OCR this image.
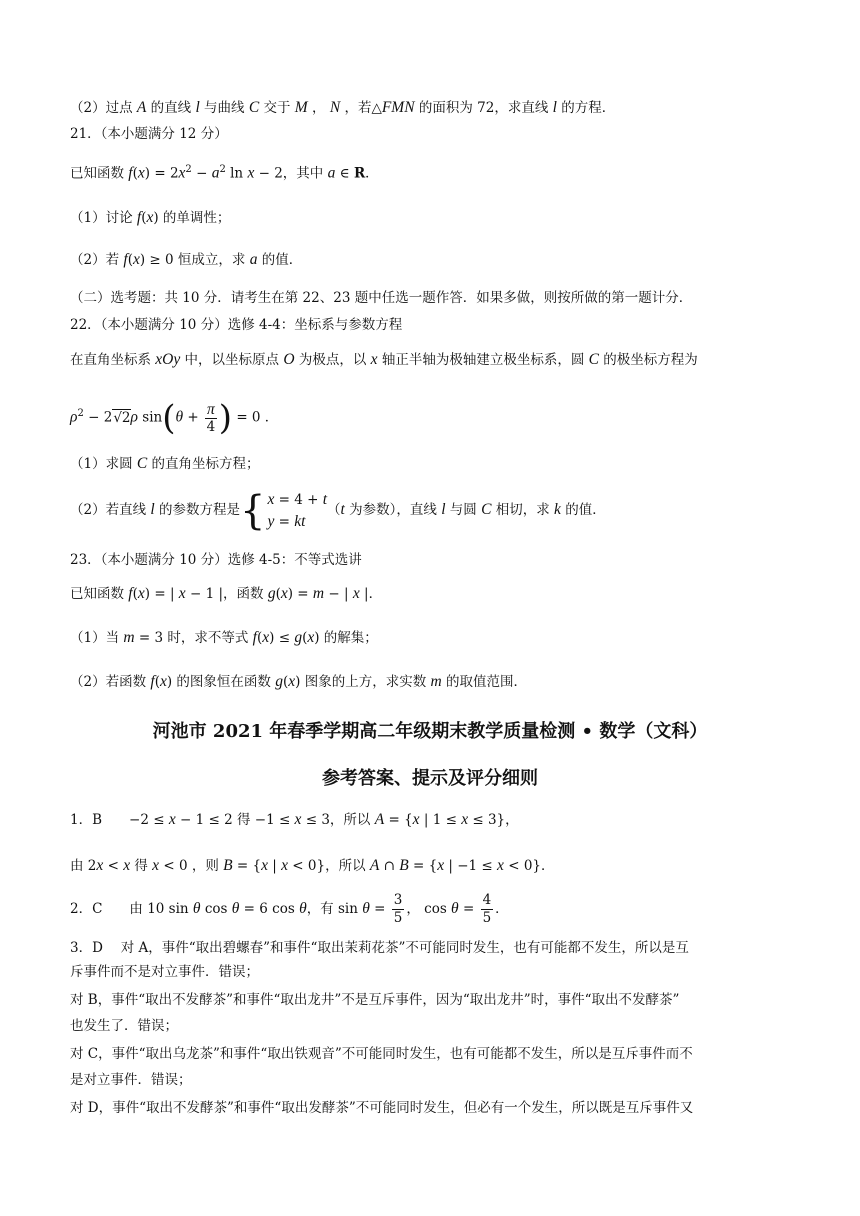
（2）过点 A 的直线 l 与曲线 C 交于 M ， N ，若△FMN 的面积为 72，求直线 l 的方程．
21．（本小题满分 12 分）
已知函数 $f(x) = 2x^2 - a^2$ ln x − 2，其中 a ∈ R．
（1）讨论 f(x) 的单调性；
（2）若 f(x) ≥ 0 恒成立，求 a 的值．
（二）选考题：共 10 分．请考生在第 22、23 题中任选一题作答．如果多做，则按所做的第一题计分．
22．（本小题满分 10 分）选修 4-4：坐标系与参数方程
在直角坐标系 xOy 中，以坐标原点 O 为极点，以 x 轴正半轴为极轴建立极坐标系，圆 C 的极坐标方程为
$\rho^2 - 2√2\rho$ $\sin(\theta + \frac{\pi}{4}$ ) = 0 ．
（1）求圆 C 的直角坐标方程；
（2）若直线 l 的参数方程是{ x = 4 + t
y = kt
（t 为参数），直线 l 与圆 C 相切，求 k 的值．
23．（本小题满分 10 分）选修 4-5：不等式选讲
已知函数 f(x) = | x − 1 |，函数 g(x) = m − | x |．
（1）当 m = 3 时，求不等式 f(x) ≤ g(x) 的解集；
（2）若函数 f(x) 的图象恒在函数 g(x) 图象的上方，求实数 m 的取值范围．
河池市 2021 年春季学期高二年级期末教学质量检测 • 数学（文科）
参考答案、提示及评分细则
1．B　　−2 ≤ x − 1 ≤ 2 得 −1 ≤ x ≤ 3，所以 A = {x | 1 ≤ x ≤ 3}，
由 2x < x 得 x < 0 ，则 B = {x | x < 0}，所以 A ∩ B = {x | −1 ≤ x < 0}．
2．C　　由 10 sin θ cos θ = 6 cos θ，有 $\sin \theta = \frac{3}{5}$ ， $\cos \theta = \frac{4}{5}$ ．
3．D　 对 A，事件“取出碧螺春”和事件“取出茉莉花茶”不可能同时发生，也有可能都不发生，所以是互
斥事件而不是对立事件．错误；
对 B，事件“取出不发酵茶”和事件“取出龙井”不是互斥事件，因为“取出龙井”时，事件“取出不发酵茶”
也发生了．错误；
对 C，事件“取出乌龙茶”和事件“取出铁观音”不可能同时发生，也有可能都不发生，所以是互斥事件而不
是对立事件．错误；
对 D，事件“取出不发酵茶”和事件“取出发酵茶”不可能同时发生，但必有一个发生，所以既是互斥事件又
